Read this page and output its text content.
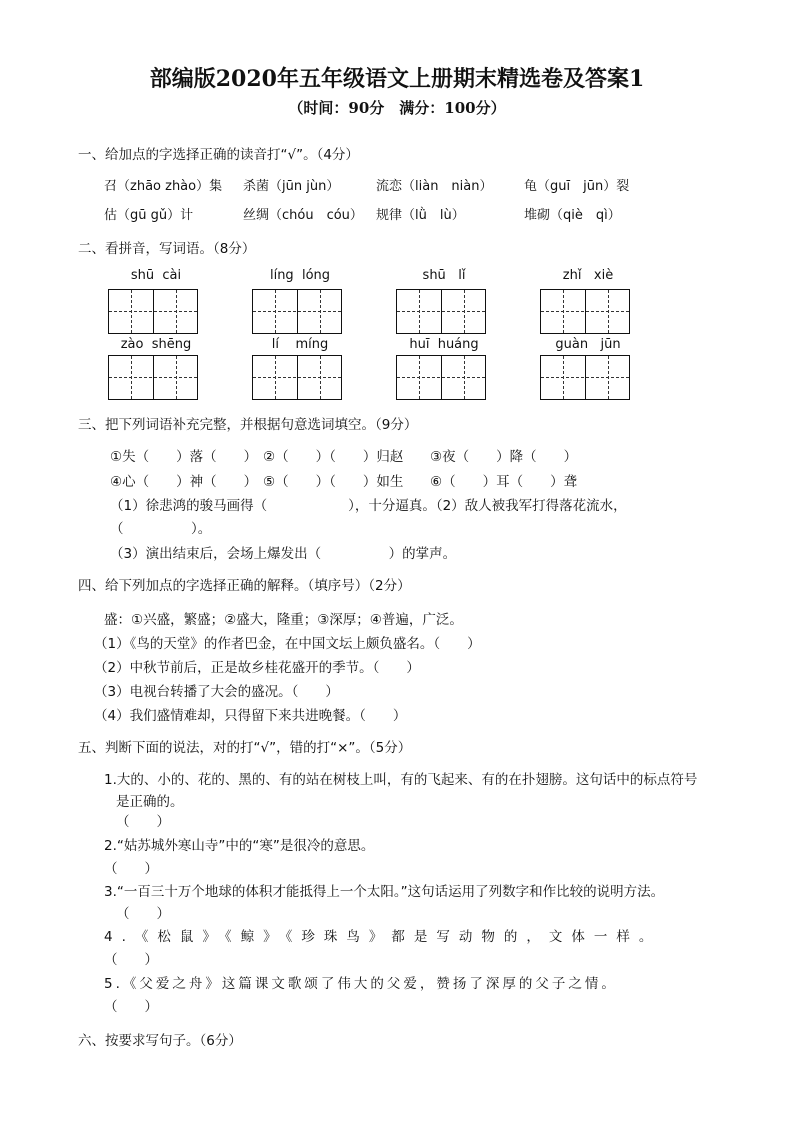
部编版2020年五年级语文上册期末精选卷及答案1
（时间：90分　满分：100分）
一、给加点的字选择正确的读音打“√”。（4分）
召（zhāo zhào）集 杀菌（jūn jùn）	流恋（liàn　niàn） 龟（guī　jūn）裂
估（gū gǔ）计	丝绸（chóu　cóu） 规律（lǜ　lù）	堆砌（qiè　qì）
二、看拼音，写词语。（8分）
shū cài	líng lóng	shū lǐ	zhǐ xiè
zào shēng	lí míng	huī huáng	guàn jūn
三、把下列词语补充完整，并根据句意选词填空。（9分）
①失（　　）落（　　） ②（　　）（　　）归赵 ③夜（　　）降（　　）
④心（　　）神（　　） ⑤（　　）（　　）如生 ⑥（　　）耳（　　）聋
（1）徐悲鸿的骏马画得（　　　　　　），十分逼真。（2）敌人被我军打得落花流水，
（　　　　　）。
（3）演出结束后，会场上爆发出（　　　　　）的掌声。
四、给下列加点的字选择正确的解释。（填序号）（2分）
盛：①兴盛，繁盛；②盛大，隆重；③深厚；④普遍，广泛。
（1）《鸟的天堂》的作者巴金，在中国文坛上颇负盛名。（　　）
（2）中秋节前后，正是故乡桂花盛开的季节。（　　）
（3）电视台转播了大会的盛况。（　　）
（4）我们盛情难却，只得留下来共进晚餐。（　　）
五、判断下面的说法，对的打“√”，错的打“×”。（5分）
1.大的、小的、花的、黑的、有的站在树枝上叫，有的飞起来、有的在扑翅膀。这句话中的标点符号
是正确的。
（　　）
2.“姑苏城外寒山寺”中的“寒”是很冷的意思。
（　　）
3.“一百三十万个地球的体积才能抵得上一个太阳。”这句话运用了列数字和作比较的说明方法。
（　　）
4.《松鼠》《鲸》《珍珠鸟》都是写动物的，文体一样。
（　　）
5.《父爱之舟》这篇课文歌颂了伟大的父爱，赞扬了深厚的父子之情。
（　　）
六、按要求写句子。（6分）
